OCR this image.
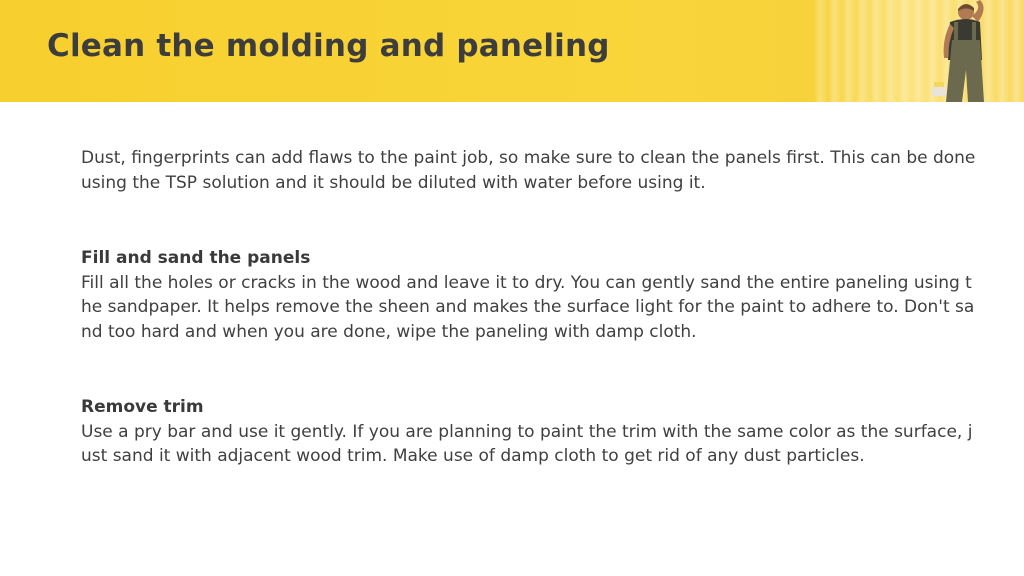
Clean the molding and paneling

Dust, fingerprints can add flaws to the paint job, so make sure to clean the panels first. This can be done using the TSP solution and it should be diluted with water before using it.

Fill and sand the panels

Fill all the holes or cracks in the wood and leave it to dry. You can gently sand the entire paneling using the sandpaper. It helps remove the sheen and makes the surface light for the paint to adhere to. Don't sand too hard and when you are done, wipe the paneling with damp cloth.

Remove trim

Use a pry bar and use it gently. If you are planning to paint the trim with the same color as the surface, just sand it with adjacent wood trim. Make use of damp cloth to get rid of any dust particles.
